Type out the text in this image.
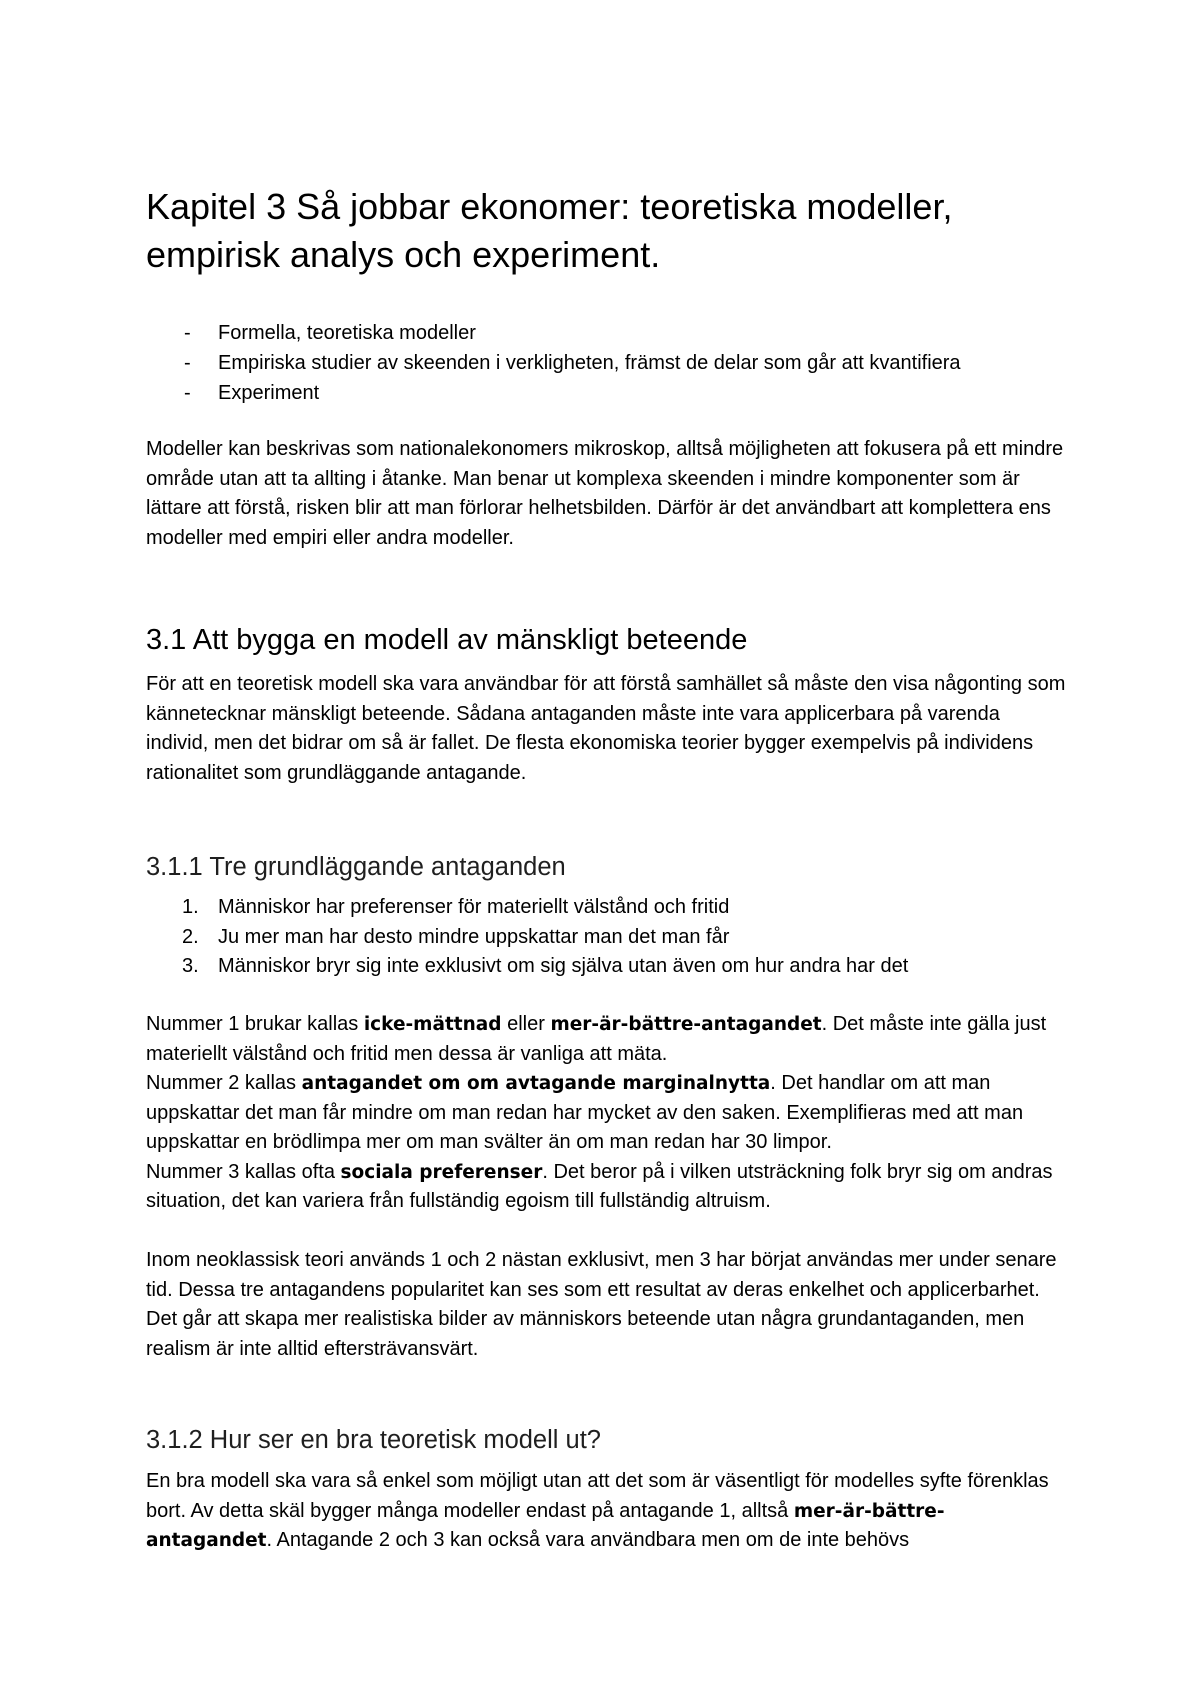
Kapitel 3 Så jobbar ekonomer: teoretiska modeller, empirisk analys och experiment.
- Formella, teoretiska modeller
- Empiriska studier av skeenden i verkligheten, främst de delar som går att kvantifiera
- Experiment

Modeller kan beskrivas som nationalekonomers mikroskop, alltså möjligheten att fokusera på ett mindre område utan att ta allting i åtanke. Man benar ut komplexa skeenden i mindre komponenter som är lättare att förstå, risken blir att man förlorar helhetsbilden. Därför är det användbart att komplettera ens modeller med empiri eller andra modeller.

3.1 Att bygga en modell av mänskligt beteende

För att en teoretisk modell ska vara användbar för att förstå samhället så måste den visa någonting som kännetecknar mänskligt beteende. Sådana antaganden måste inte vara applicerbara på varenda individ, men det bidrar om så är fallet. De flesta ekonomiska teorier bygger exempelvis på individens rationalitet som grundläggande antagande.

3.1.1 Tre grundläggande antaganden
1. Människor har preferenser för materiellt välstånd och fritid
2. Ju mer man har desto mindre uppskattar man det man får
3. Människor bryr sig inte exklusivt om sig själva utan även om hur andra har det
Nummer 1 brukar kallas icke-mättnad eller mer-är-bättre-antagandet. Det måste inte gälla just materiellt välstånd och fritid men dessa är vanliga att mäta.
Nummer 2 kallas antagandet om om avtagande marginalnytta. Det handlar om att man uppskattar det man får mindre om man redan har mycket av den saken. Exemplifieras med att man uppskattar en brödlimpa mer om man svälter än om man redan har 30 limpor.
Nummer 3 kallas ofta sociala preferenser. Det beror på i vilken utsträckning folk bryr sig om andras situation, det kan variera från fullständig egoism till fullständig altruism.

Inom neoklassisk teori används 1 och 2 nästan exklusivt, men 3 har börjat användas mer under senare tid. Dessa tre antagandens popularitet kan ses som ett resultat av deras enkelhet och applicerbarhet. Det går att skapa mer realistiska bilder av människors beteende utan några grundantaganden, men realism är inte alltid eftersträvansvärt.

3.1.2 Hur ser en bra teoretisk modell ut?

En bra modell ska vara så enkel som möjligt utan att det som är väsentligt för modelles syfte förenklas bort. Av detta skäl bygger många modeller endast på antagande 1, alltså mer-är-bättre-antagandet. Antagande 2 och 3 kan också vara användbara men om de inte behövs
